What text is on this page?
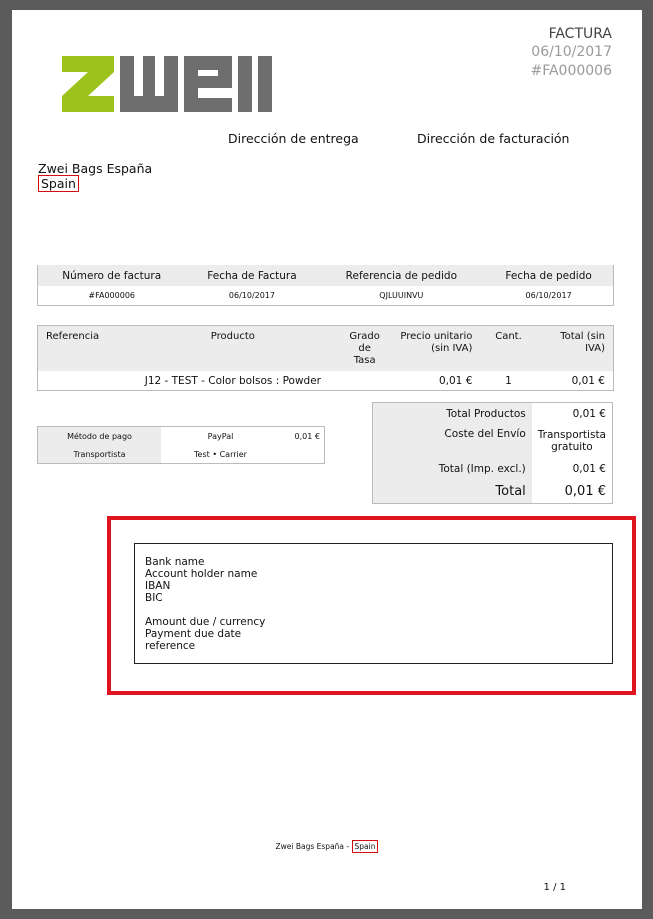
FACTURA
06/10/2017
#FA000006
Dirección de entrega	Dirección de facturación
Zwei Bags España
Spain
Número de factura	Fecha de Factura	Referencia de pedido	Fecha de pedido
#FA000006	06/10/2017	QJLUUINVU	06/10/2017
Referencia	Producto	Grado de Tasa	Precio unitario (sin IVA)	Cant.	Total (sin IVA)
	J12 - TEST - Color bolsos : Powder		0,01 €	1	0,01 €
Método de pago	PayPal	0,01 €
Transportista	Test • Carrier	
Total Productos	0,01 €
Coste del Envío	Transportista gratuito
Total (Imp. excl.)	0,01 €
Total	0,01 €
Bank name
Account holder name
IBAN
BIC
Amount due / currency
Payment due date
reference
Zwei Bags España - Spain
1 / 1
